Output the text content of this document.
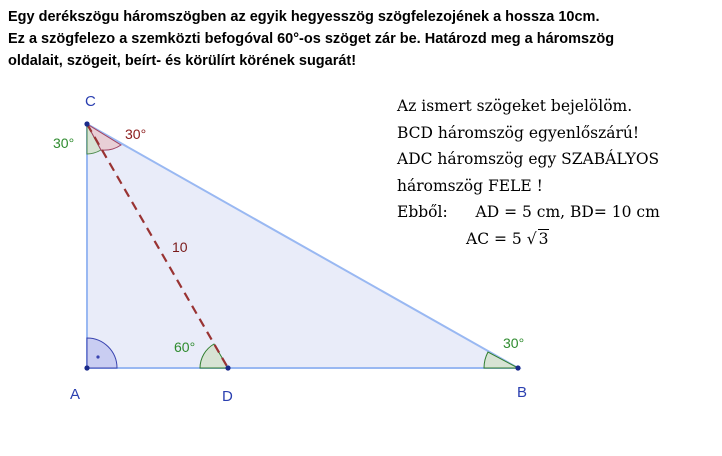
Egy derékszögu háromszögben az egyik hegyesszög szögfelezojének a hossza 10cm.
Ez a szögfelezo a szemközti befogóval 60°-os szöget zár be. Határozd meg a háromszög
oldalait, szögeit, beírt- és körülírt körének sugarát!
C
A	D	B
30°
30°
60°	30°
10
Az ismert szögeket bejelölöm.
BCD háromszög egyenlőszárú!
ADC háromszög egy SZABÁLYOS
háromszög FELE !
Ebből: AD = 5 cm, BD= 10 cm
AC = 5 √ 3
